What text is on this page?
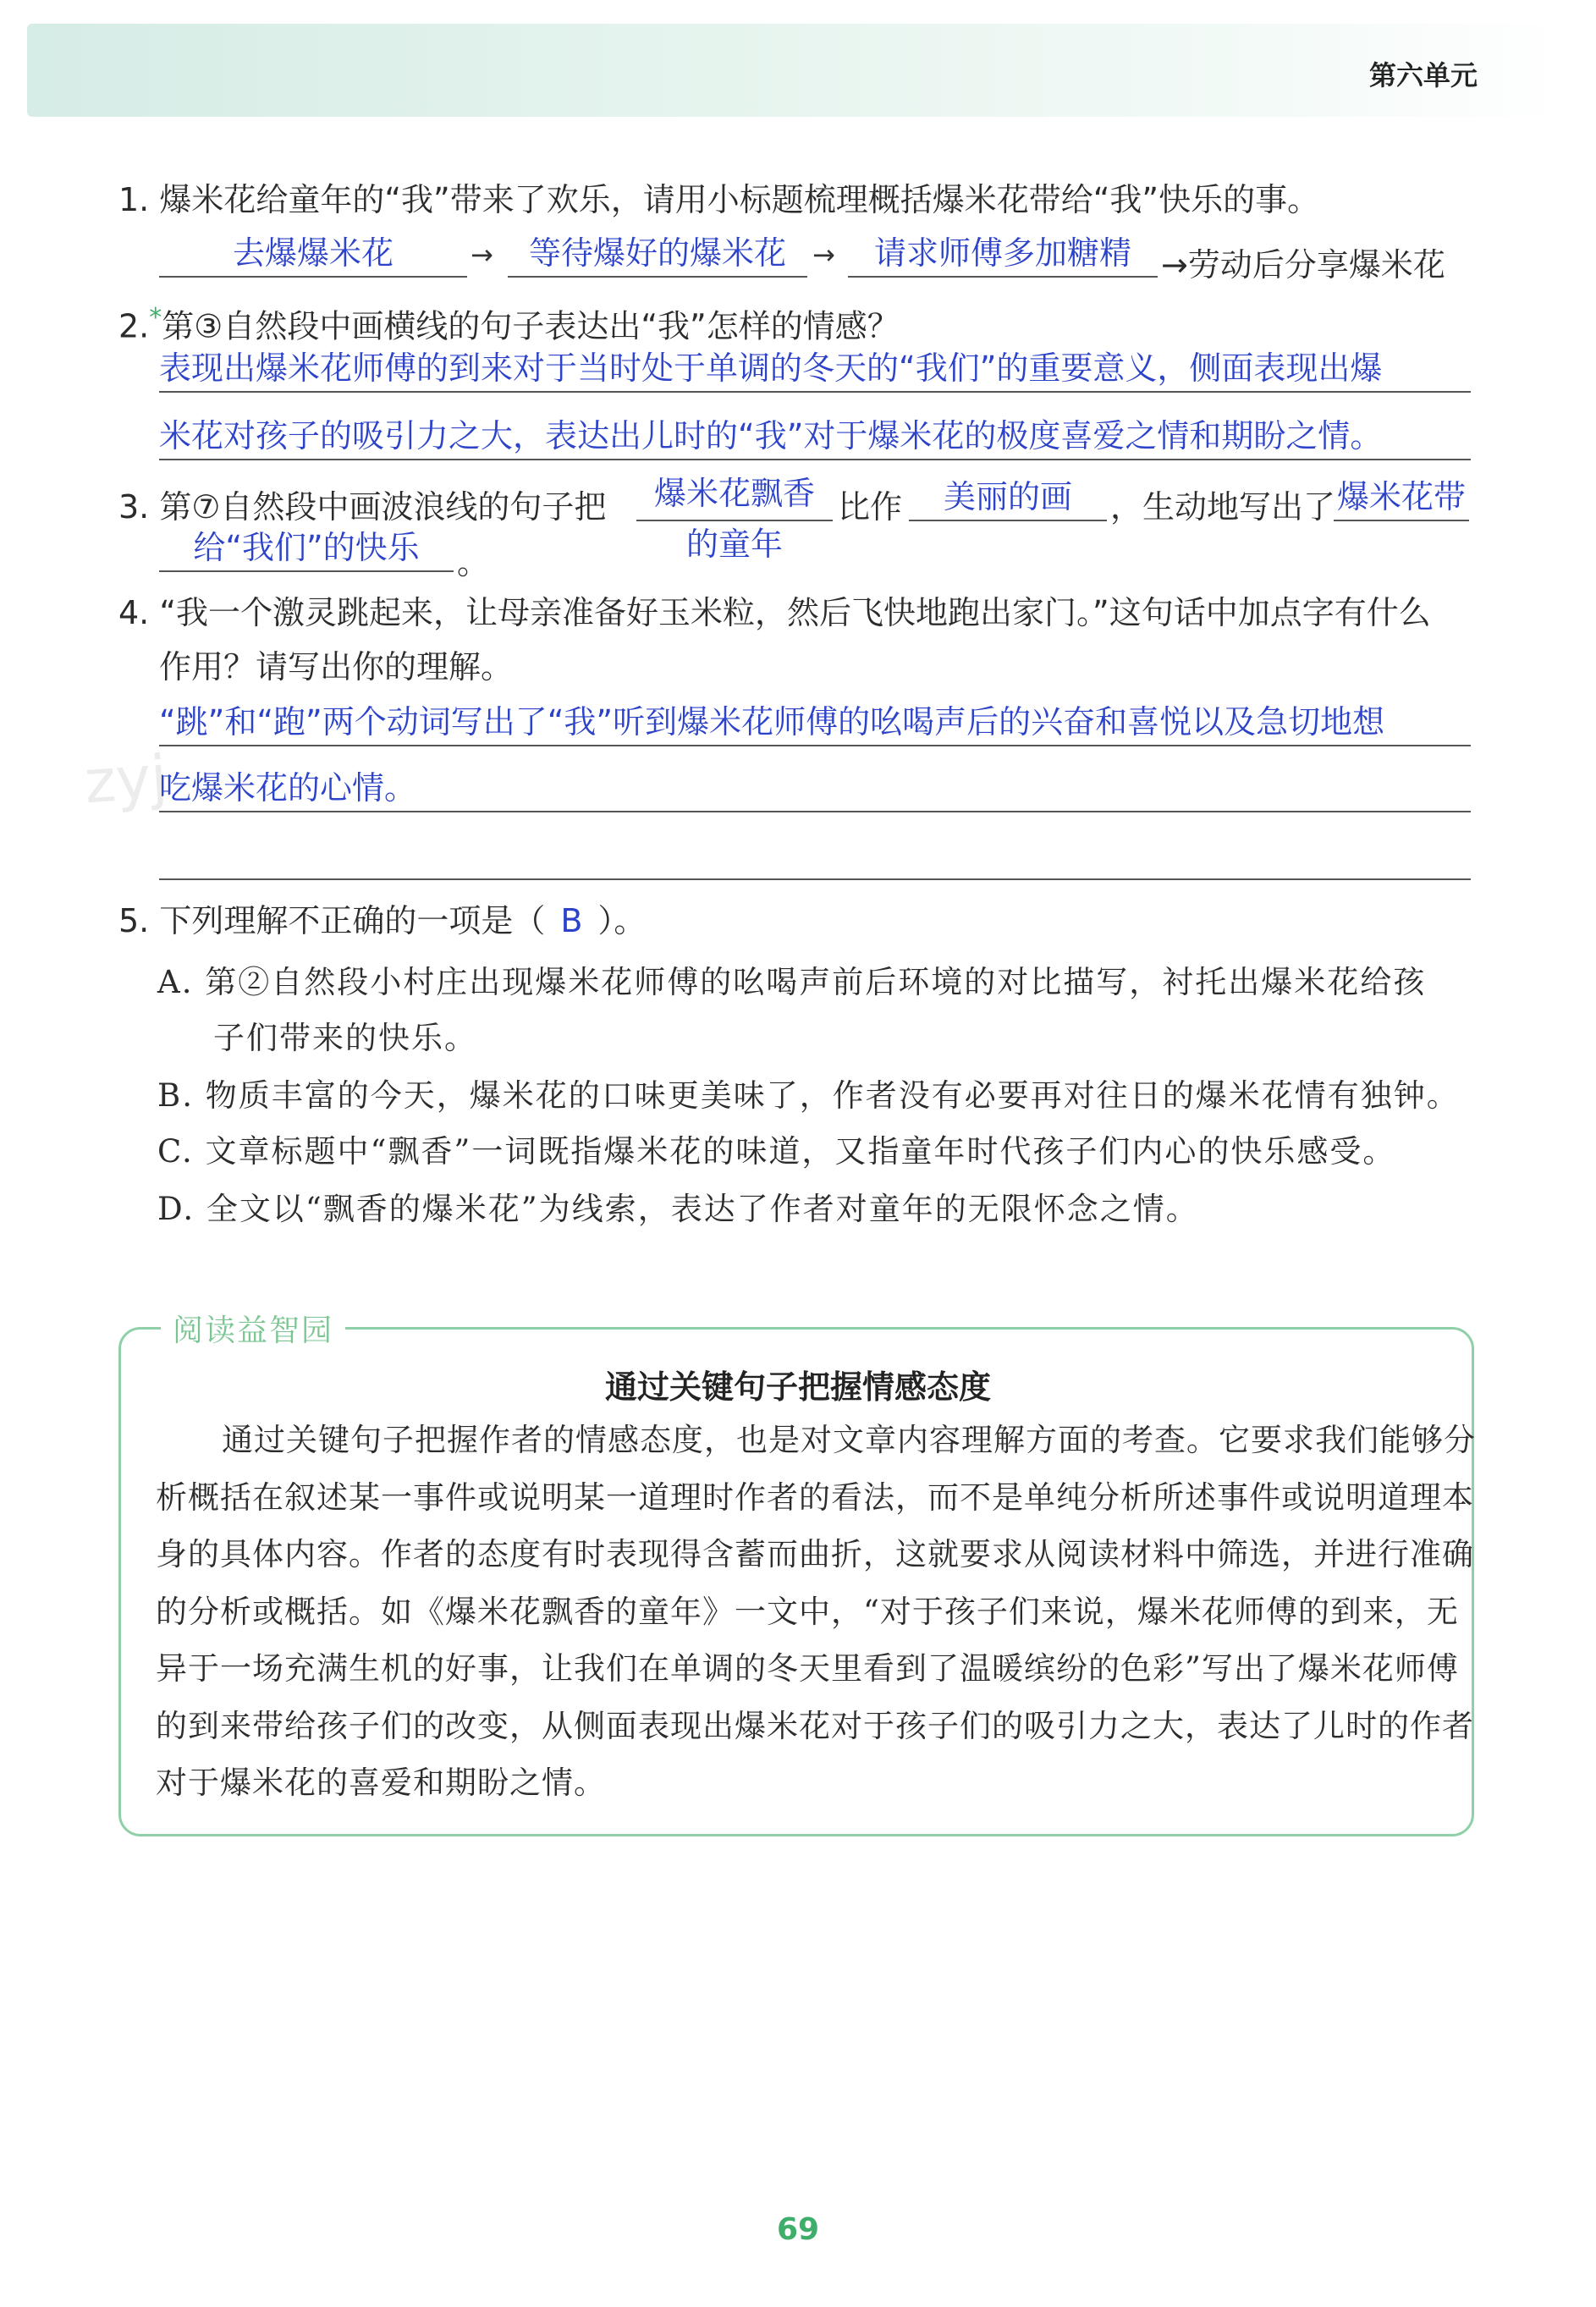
第六单元
zyj
1. 爆米花给童年的“我”带来了欢乐，请用小标题梳理概括爆米花带给“我”快乐的事。
去爆爆米花	→	等待爆好的爆米花 →	请求师傅多加糖精 →劳动后分享爆米花
2.*第③自然段中画横线的句子表达出“我”怎样的情感？
表现出爆米花师傅的到来对于当时处于单调的冬天的“我们”的重要意义，侧面表现出爆
米花对孩子的吸引力之大，表达出儿时的“我”对于爆米花的极度喜爱之情和期盼之情。
3. 第⑦自然段中画波浪线的句子把	爆米花飘香
的童年
比作	美丽的画	，生动地写出了 爆米花带
给“我们”的快乐	。
4. “我一个激灵跳起来，让母亲准备好玉米粒，然后飞快地跑出家门。”这句话中加点字有什么
作用？请写出你的理解。
“跳”和“跑”两个动词写出了“我”听到爆米花师傅的吆喝声后的兴奋和喜悦以及急切地想
吃爆米花的心情。
5. 下列理解不正确的一项是（ B ）。
A. 第②自然段小村庄出现爆米花师傅的吆喝声前后环境的对比描写，衬托出爆米花给孩
子们带来的快乐。
B. 物质丰富的今天，爆米花的口味更美味了，作者没有必要再对往日的爆米花情有独钟。
C. 文章标题中“飘香”一词既指爆米花的味道，又指童年时代孩子们内心的快乐感受。
D. 全文以“飘香的爆米花”为线索，表达了作者对童年的无限怀念之情。
阅读益智园
通过关键句子把握情感态度
通过关键句子把握作者的情感态度，也是对文章内容理解方面的考查。它要求我们能够分析概括在叙述某一事件或说明某一道理时作者的看法，而不是单纯分析所述事件或说明道理本身的具体内容。作者的态度有时表现得含蓄而曲折，这就要求从阅读材料中筛选，并进行准确的分析或概括。如《爆米花飘香的童年》一文中，“对于孩子们来说，爆米花师傅的到来，无异于一场充满生机的好事，让我们在单调的冬天里看到了温暖缤纷的色彩”写出了爆米花师傅的到来带给孩子们的改变，从侧面表现出爆米花对于孩子们的吸引力之大，表达了儿时的作者对于爆米花的喜爱和期盼之情。
69
